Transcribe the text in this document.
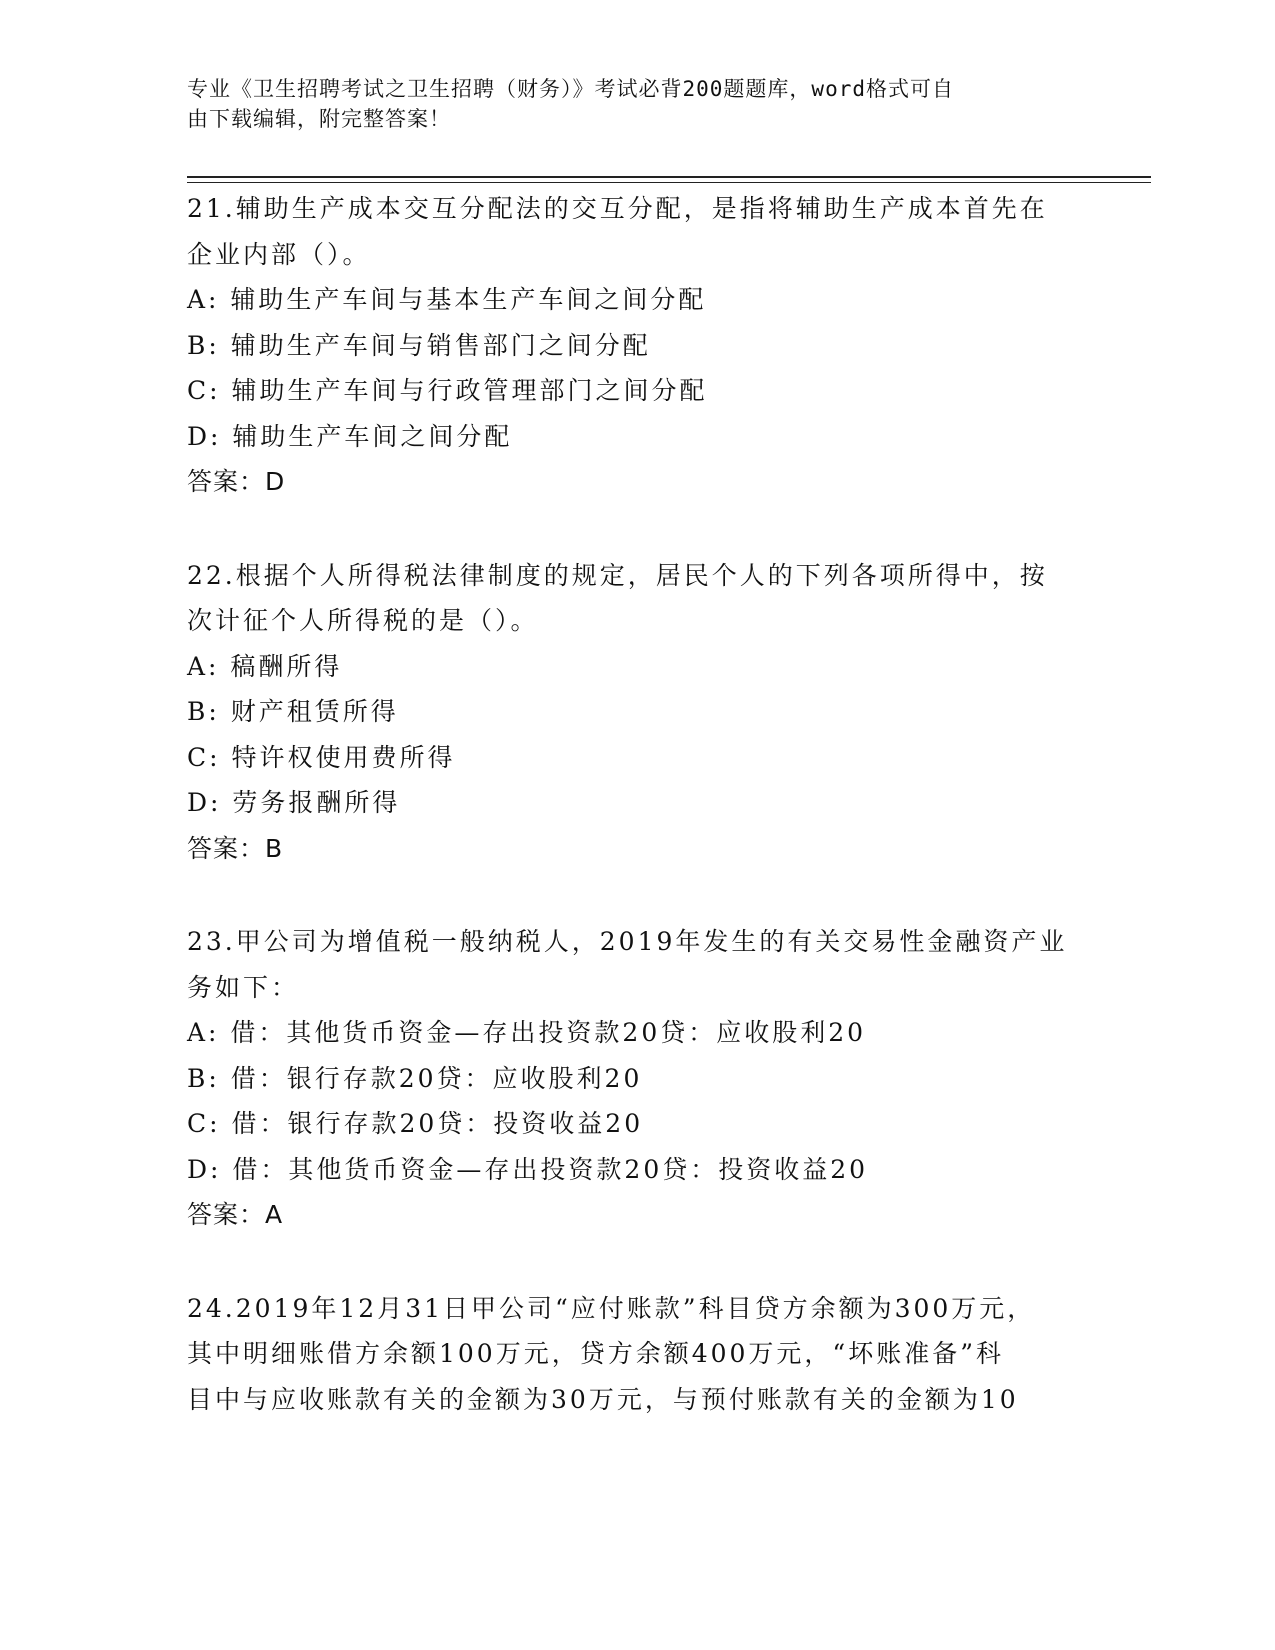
专业《卫生招聘考试之卫生招聘（财务）》考试必背200题题库，word格式可自
由下载编辑，附完整答案！
21.辅助生产成本交互分配法的交互分配，是指将辅助生产成本首先在
企业内部（）。
A: 辅助生产车间与基本生产车间之间分配
B: 辅助生产车间与销售部门之间分配
C: 辅助生产车间与行政管理部门之间分配
D: 辅助生产车间之间分配
答案：D
22.根据个人所得税法律制度的规定，居民个人的下列各项所得中，按
次计征个人所得税的是（）。
A: 稿酬所得
B: 财产租赁所得
C: 特许权使用费所得
D: 劳务报酬所得
答案：B
23.甲公司为增值税一般纳税人，2019年发生的有关交易性金融资产业
务如下：
A: 借：其他货币资金—存出投资款20贷：应收股利20
B: 借：银行存款20贷：应收股利20
C: 借：银行存款20贷：投资收益20
D: 借：其他货币资金—存出投资款20贷：投资收益20
答案：A
24.2019年12月31日甲公司“应付账款”科目贷方余额为300万元，
其中明细账借方余额100万元，贷方余额400万元，“坏账准备”科
目中与应收账款有关的金额为30万元，与预付账款有关的金额为10
